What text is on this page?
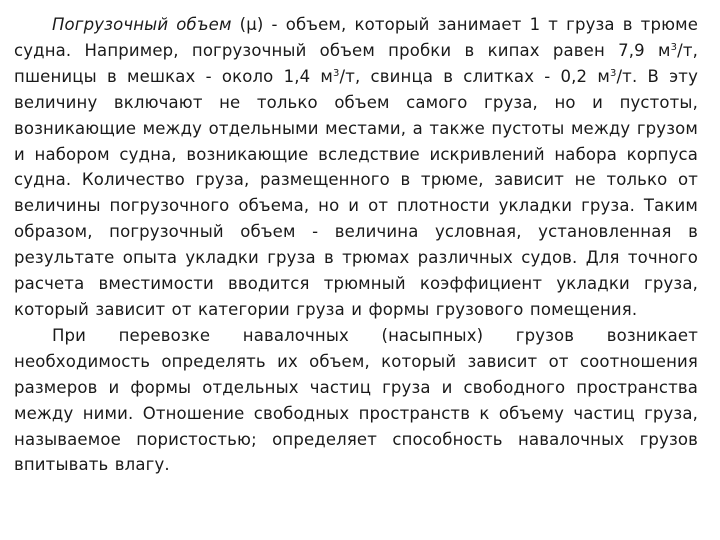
Погрузочный объем (μ) - объем, который занимает 1 т груза в трюме судна. Например, погрузочный объем пробки в кипах равен 7,9 $м^3/т$, пшеницы в мешках - около 1,4 $м^3/т$, свинца в слитках - 0,2 $м^3/т$. В эту величину включают не только объем самого груза, но и пустоты, возникающие между отдельными местами, а также пустоты между грузом и набором судна, возникающие вследствие искривлений набора корпуса судна. Количество груза, размещенного в трюме, зависит не только от величины погрузочного объема, но и от плотности укладки груза. Таким образом, погрузочный объем - величина условная, установленная в результате опыта укладки груза в трюмах различных судов. Для точного расчета вместимости вводится трюмный коэффициент укладки груза, который зависит от категории груза и формы грузового помещения.

При перевозке навалочных (насыпных) грузов возникает необходимость определять их объем, который зависит от соотношения размеров и формы отдельных частиц груза и свободного пространства между ними. Отношение свободных пространств к объему частиц груза, называемое пористостью; определяет способность навалочных грузов впитывать влагу.
